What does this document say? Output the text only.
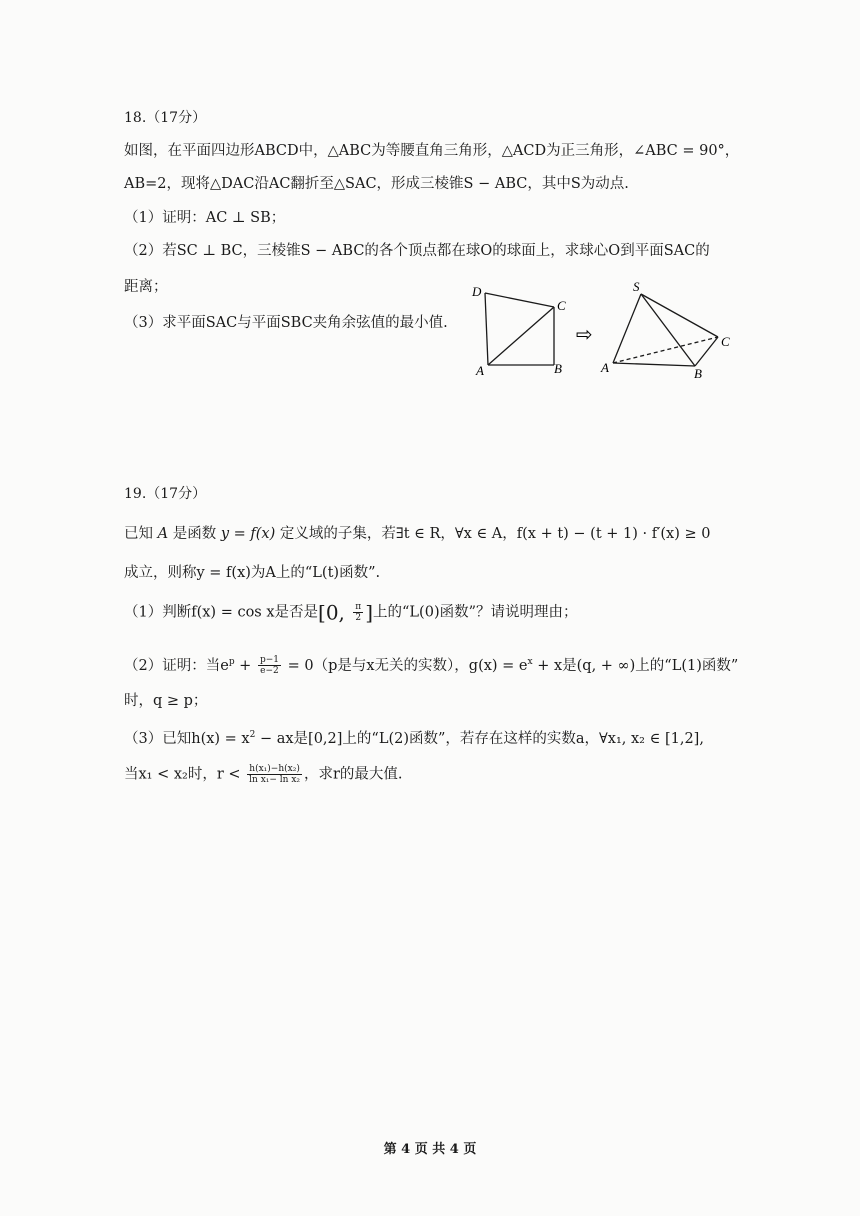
18.（17分）
如图，在平面四边形ABCD中，△ABC为等腰直角三角形，△ACD为正三角形，∠ABC = 90°，
AB=2，现将△DAC沿AC翻折至△SAC，形成三棱锥S − ABC，其中S为动点.
（1）证明：AC ⊥ SB；
（2）若SC ⊥ BC，三棱锥S − ABC的各个顶点都在球O的球面上，求球心O到平面SAC的
距离；
（3）求平面SAC与平面SBC夹角余弦值的最小值.
D
C
A	B
⇨
S
C
A	B
19.（17分）
已知 A 是函数 y = f(x) 定义域的子集，若∃t ∈ R，∀x ∈ A，f(x + t) − (t + 1) · f′(x) ≥ 0
成立，则称y = f(x)为A上的“L(t)函数”.
（1）判断f(x) = cos x是否是[0, $\frac{\pi}{2}$ ]上的“L(0)函数”？请说明理由；
（2）证明：当$e^p + \frac{p-1}{e-2} = 0(p$是与x无关的实数），$g(x) = e^x + x$是(q, + ∞)上的“L(1)函数”
时，q ≥ p；
（3）已知$h(x) = x^2$ − ax是[0,2]上的“L(2)函数”，若存在这样的实数a，∀x₁, x₂ ∈ [1,2],
当x₁ < x₂时，$r < \frac{\text{h(x₁)−h(x₂)}}{\text{ln x₁− ln x₂}}$ ，求r的最大值.
第 4 页 共 4 页
